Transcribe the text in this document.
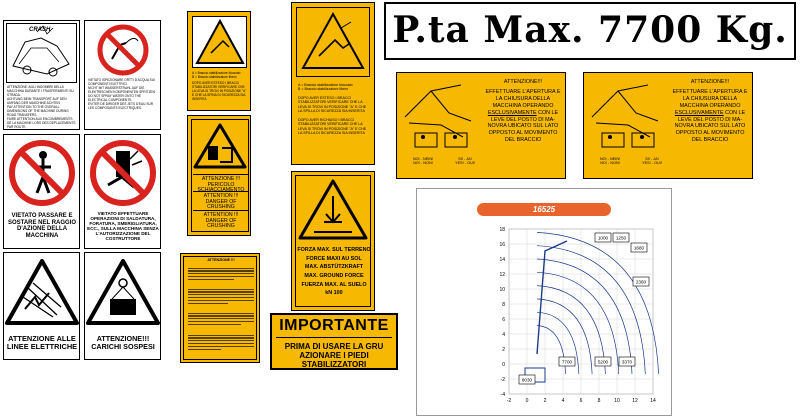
CRASH
ATTENZIONE: AGLI INGOMBRI DELLA MACCHINA DURANTE I TRASFERIMENTI SU STRADA.
ACHTUNG BEIM TRANSPORT AUF DEN UMFANG DER MASCHINE ACHTEN
PAY ATTENTION TO THE OVERALL DIMENSIONS OF THE MACHINE DURING ROAD TRANSFERS
FAIRE ATTENTION AUX ENCOMBREMENTS DE LA MACHINE LORS DES DEPLACEMENTS PAR ROUTE.
VIETATO ISPEZIONARE ORTTI D'ACQUA SUI COMPONENTI ELETTRICI.
NICHT MIT WASSERSTRAHL AUF DIE ELEKTRISCHEN KOMPONENTEN SPRITZEN
DO NOT SPRAY WATER ONTO THE ELECTRICAL COMPONENTS.
EVITER DE DIRIGER DES JETS D'EAU SUR LES COMPOSANTS ELECTRIQUES.
VIETATO PASSARE E SOSTARE NEL RAGGIO D'AZIONE DELLA MACCHINA
VIETATO EFFETTUARE OPERAZIONI DI SALDATURA, FORATURA, SMERIGLIATURA, ECC., SULLA MACCHINA SENZA L'AUTORIZZAZIONE DEL COSTRUTTORE
ATTENZIONE ALLE LINEE ELETTRICHE
ATTENZIONE!!! CARICHI SOSPESI
A = Braccio stabilizzatore bloccato
B = Braccio stabilizzatore libero
DOPO AVER ESTESO I BRACCI STABILIZZATORI VERIFICARE CHE LA LEVA SI TROVI IN POSIZIONE "A" E CHE LA SPINA DI SICUREZZA SIA INSERITA
ATTENZIONE !!!
PERICOLO SCHIACCIAMENTO
ATTENTION !!!
DANGER OF CRUSHING
ATTENTION !!!
DANGER OF CRUSHING
ATTENZIONE !!!
A = Braccio stabilizzatore bloccato
B = Braccio stabilizzatore libero
DOPO AVER ESTESO I BRACCI STABILIZZATORI VERIFICARE CHE LA LEVA SI TROVI IN POSIZIONE "A" E CHE LA SPILLA DI SICUREZZA SIA INSERITA
DOPO AVER RICHIUSO I BRACCI STABILIZZATORI VERIFICARE CHE LA LEVA SI TROVI IN POSIZIONE "A" E CHE LA SPILLA DI SICUREZZA SIA INSERITA
FORZA MAX. SUL TERRENO
FORCE MAXI AU SOL
MAX. ABSTÜTZKRAFT
MAX. GROUND FORCE
FUERZA MAX. AL SUELO
kN 100
IMPORTANTE
PRIMA DI USARE LA GRU AZIONARE I PIEDI STABILIZZATORI
P.ta Max. 7700 Kg.
NO! - NEIN!
NO! - NON!
SI! - JA!
YES! - OUI!
ATTENZIONE!!!
EFFETTUARE L'APERTURA E LA CHIUSURA DELLA MACCHINA OPERANDO ESCLUSIVAMENTE CON LE LEVE DEL POSTO DI MA- NOVRA UBICATO SUL LATO OPPOSTO AL MOVIMENTO DEL BRACCIO
NO! - NEIN!
NO! - NON!
SI! - JA!
YES! - OUI!
ATTENZIONE!!!
EFFETTUARE L'APERTURA E LA CHIUSURA DELLA MACCHINA OPERANDO ESCLUSIVAMENTE CON LE LEVE DEL POSTO DI MA- NOVRA UBICATO SUL LATO OPPOSTO AL MOVIMENTO DEL BRACCIO
16525
-2	0	2	4	6	8	10 12 14
18
16
14
12
10
8
6
4
2
0
-2
-4
1000 1250
1680
2360
3370
5200
7700
8030
